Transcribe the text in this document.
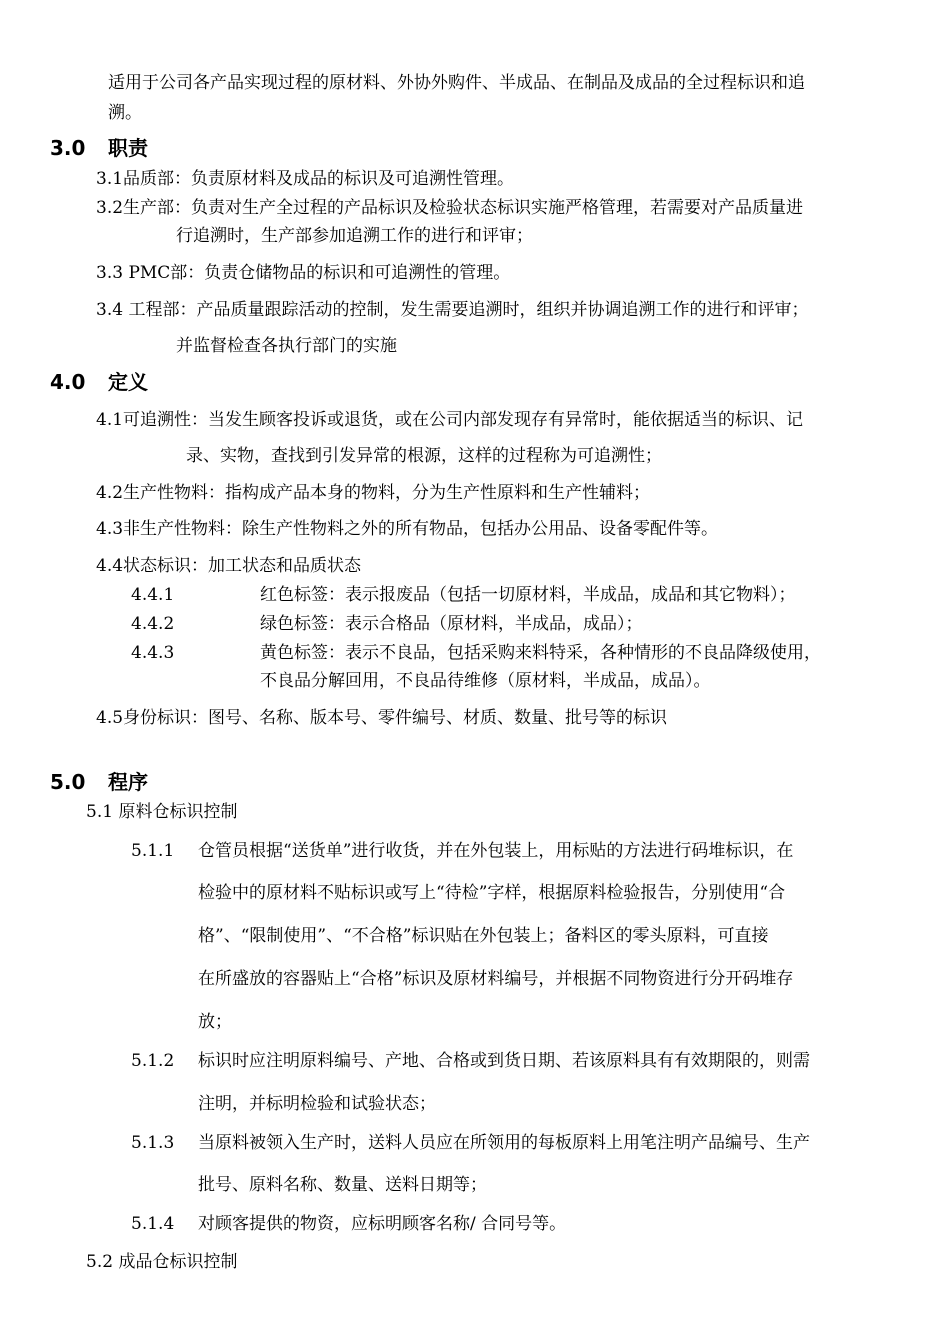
适用于公司各产品实现过程的原材料、外协外购件、半成品、在制品及成品的全过程标识和追
溯。
3.0 职责
3.1品质部：负责原材料及成品的标识及可追溯性管理。
3.2生产部：负责对生产全过程的产品标识及检验状态标识实施严格管理，若需要对产品质量进
行追溯时，生产部参加追溯工作的进行和评审；
3.3 PMC部：负责仓储物品的标识和可追溯性的管理。
3.4 工程部：产品质量跟踪活动的控制，发生需要追溯时，组织并协调追溯工作的进行和评审；
并监督检查各执行部门的实施
4.0 定义
4.1可追溯性：当发生顾客投诉或退货，或在公司内部发现存有异常时，能依据适当的标识、记
录、实物，查找到引发异常的根源，这样的过程称为可追溯性；
4.2生产性物料：指构成产品本身的物料，分为生产性原料和生产性辅料；
4.3非生产性物料：除生产性物料之外的所有物品，包括办公用品、设备零配件等。
4.4状态标识：加工状态和品质状态
4.4.1	红色标签：表示报废品（包括一切原材料，半成品，成品和其它物料）；
4.4.2	绿色标签：表示合格品（原材料，半成品，成品）；
4.4.3	黄色标签：表示不良品，包括采购来料特采，各种情形的不良品降级使用，
不良品分解回用，不良品待维修（原材料，半成品，成品）。
4.5身份标识：图号、名称、版本号、零件编号、材质、数量、批号等的标识
5.0 程序
5.1 原料仓标识控制
5.1.1 仓管员根据“送货单”进行收货，并在外包装上，用标贴的方法进行码堆标识，在
检验中的原材料不贴标识或写上“待检”字样，根据原料检验报告，分别使用“合
格”、“限制使用”、“不合格”标识贴在外包装上；备料区的零头原料，可直接
在所盛放的容器贴上“合格”标识及原材料编号，并根据不同物资进行分开码堆存
放；
5.1.2 标识时应注明原料编号、产地、合格或到货日期、若该原料具有有效期限的，则需
注明，并标明检验和试验状态；
5.1.3 当原料被领入生产时，送料人员应在所领用的每板原料上用笔注明产品编号、生产
批号、原料名称、数量、送料日期等；
5.1.4 对顾客提供的物资，应标明顾客名称/ 合同号等。
5.2 成品仓标识控制
